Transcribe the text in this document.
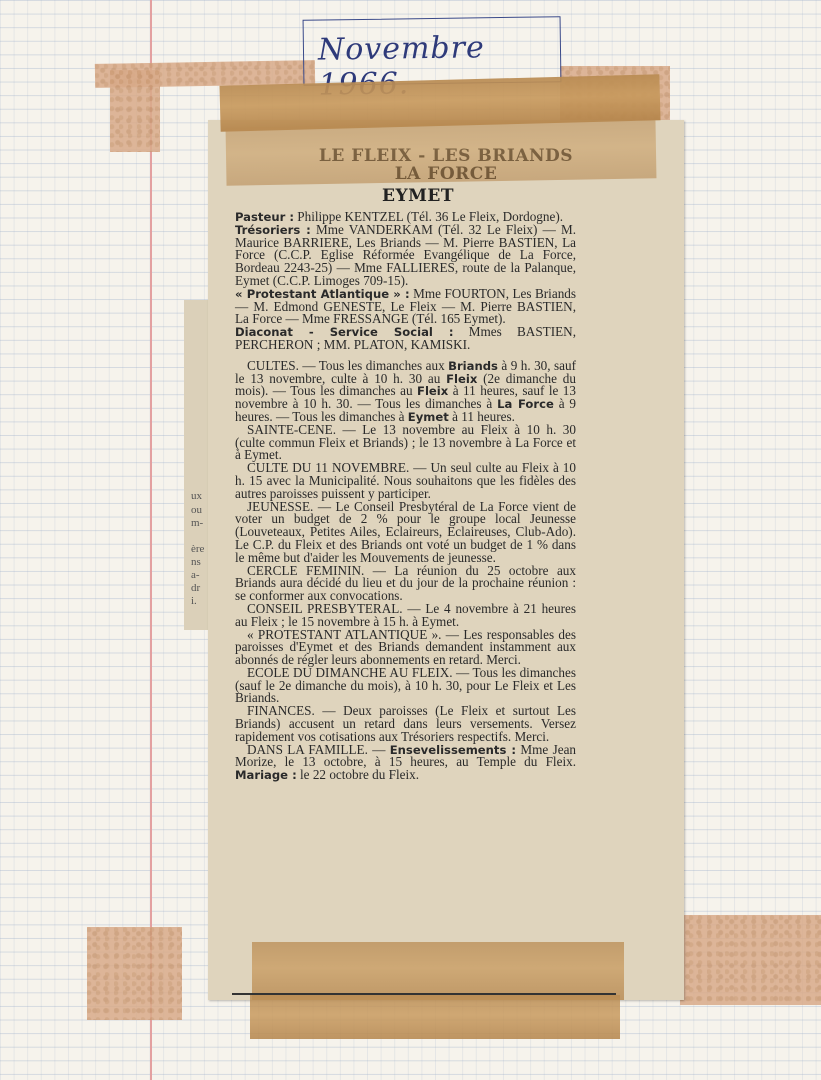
Novembre
ux
ou
m-
ère
ns
a-
dr
i.
EYMET

Pasteur : Philippe KENTZEL (Tél. 36 Le Fleix, Dordogne).

Trésoriers : Mme VANDERKAM (Tél. 32 Le Fleix) — M. Maurice BARRIERE, Les Briands — M. Pierre BASTIEN, La Force (C.C.P. Eglise Réformée Evangélique de La Force, Bordeau 2243-25) — Mme FALLIERES, route de la Palanque, Eymet (C.C.P. Limoges 709-15).

« Protestant Atlantique » : Mme FOURTON, Les Briands — M. Edmond GENESTE, Le Fleix — M. Pierre BASTIEN, La Force — Mme FRESSANGE (Tél. 165 Eymet).

Diaconat - Service Social : Mmes BASTIEN, PERCHERON ; MM. PLATON, KAMISKI.

CULTES. — Tous les dimanches aux Briands à 9 h. 30, sauf le 13 novembre, culte à 10 h. 30 au Fleix (2e dimanche du mois). — Tous les dimanches au Fleix à 11 heures, sauf le 13 novembre à 10 h. 30. — Tous les dimanches à La Force à 9 heures. — Tous les dimanches à Eymet à 11 heures.

SAINTE-CENE. — Le 13 novembre au Fleix à 10 h. 30 (culte commun Fleix et Briands) ; le 13 novembre à La Force et à Eymet.

CULTE DU 11 NOVEMBRE. — Un seul culte au Fleix à 10 h. 15 avec la Municipalité. Nous souhaitons que les fidèles des autres paroisses puissent y participer.

JEUNESSE. — Le Conseil Presbytéral de La Force vient de voter un budget de 2 % pour le groupe local Jeunesse (Louveteaux, Petites Ailes, Eclaireurs, Eclaireuses, Club-Ado). Le C.P. du Fleix et des Briands ont voté un budget de 1 % dans le même but d'aider les Mouvements de jeunesse.

CERCLE FEMININ. — La réunion du 25 octobre aux Briands aura décidé du lieu et du jour de la prochaine réunion : se conformer aux convocations.

CONSEIL PRESBYTERAL. — Le 4 novembre à 21 heures au Fleix ; le 15 novembre à 15 h. à Eymet.

« PROTESTANT ATLANTIQUE ». — Les responsables des paroisses d'Eymet et des Briands demandent instamment aux abonnés de régler leurs abonnements en retard. Merci.

ECOLE DU DIMANCHE AU FLEIX. — Tous les dimanches (sauf le 2e dimanche du mois), à 10 h. 30, pour Le Fleix et Les Briands.

FINANCES. — Deux paroisses (Le Fleix et surtout Les Briands) accusent un retard dans leurs versements. Versez rapidement vos cotisations aux Trésoriers respectifs. Merci.

DANS LA FAMILLE. — Ensevelissements : Mme Jean Morize, le 13 octobre, à 15 heures, au Temple du Fleix. Mariage : le 22 octobre du Fleix.
